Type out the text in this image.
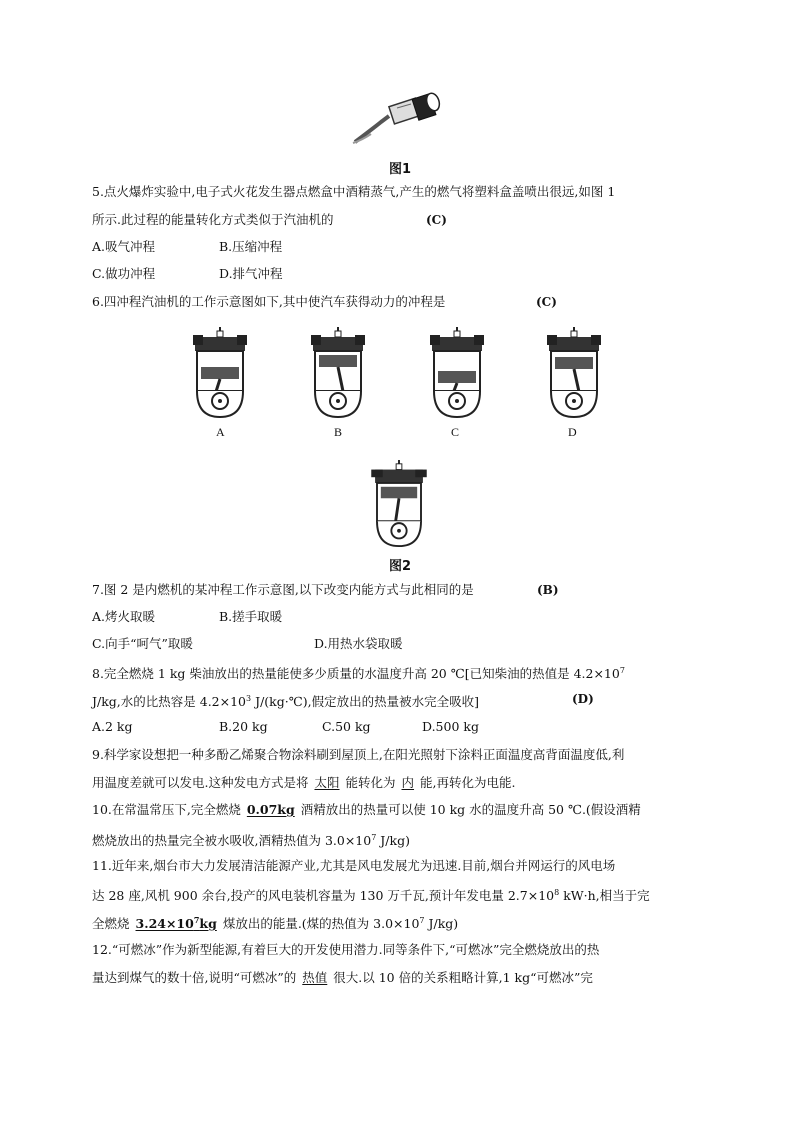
图1
5.点火爆炸实验中,电子式火花发生器点燃盒中酒精蒸气,产生的燃气将塑料盒盖喷出很远,如图 1
所示.此过程的能量转化方式类似于汽油机的	(C)
A.吸气冲程	B.压缩冲程
C.做功冲程	D.排气冲程
6.四冲程汽油机的工作示意图如下,其中使汽车获得动力的冲程是	(C)
A	B	C	D
图2
7.图 2 是内燃机的某冲程工作示意图,以下改变内能方式与此相同的是	(B)
A.烤火取暖	B.搓手取暖
C.向手“呵气”取暖	D.用热水袋取暖
8.完全燃烧 1 kg 柴油放出的热量能使多少质量的水温度升高 20 ℃[已知柴油的热值是 $4.2\times 10^7$
J/kg,水的比热容是 $4.2\times 10^3$ J/(kg·℃),假定放出的热量被水完全吸收]	(D)
A.2 kg	B.20 kg	C.50 kg	D.500 kg
9.科学家设想把一种多酚乙烯聚合物涂料刷到屋顶上,在阳光照射下涂料正面温度高背面温度低,利
用温度差就可以发电.这种发电方式是将 太阳 能转化为 内 能,再转化为电能.
10.在常温常压下,完全燃烧 0.07kg 酒精放出的热量可以使 10 kg 水的温度升高 50 ℃.(假设酒精
燃烧放出的热量完全被水吸收,酒精热值为 $3.0\times 10^7$ J/kg)
11.近年来,烟台市大力发展清洁能源产业,尤其是风电发展尤为迅速.目前,烟台并网运行的风电场
达 28 座,风机 900 余台,投产的风电装机容量为 130 万千瓦,预计年发电量 $2.7\times 10^8$ kW·h,相当于完
全燃烧 $3.24\times 10^7kg$ 煤放出的能量.(煤的热值为 $3.0\times 10^7$ J/kg)
12.“可燃冰”作为新型能源,有着巨大的开发使用潜力.同等条件下,“可燃冰”完全燃烧放出的热
量达到煤气的数十倍,说明“可燃冰”的 热值 很大.以 10 倍的关系粗略计算,1 kg“可燃冰”完
